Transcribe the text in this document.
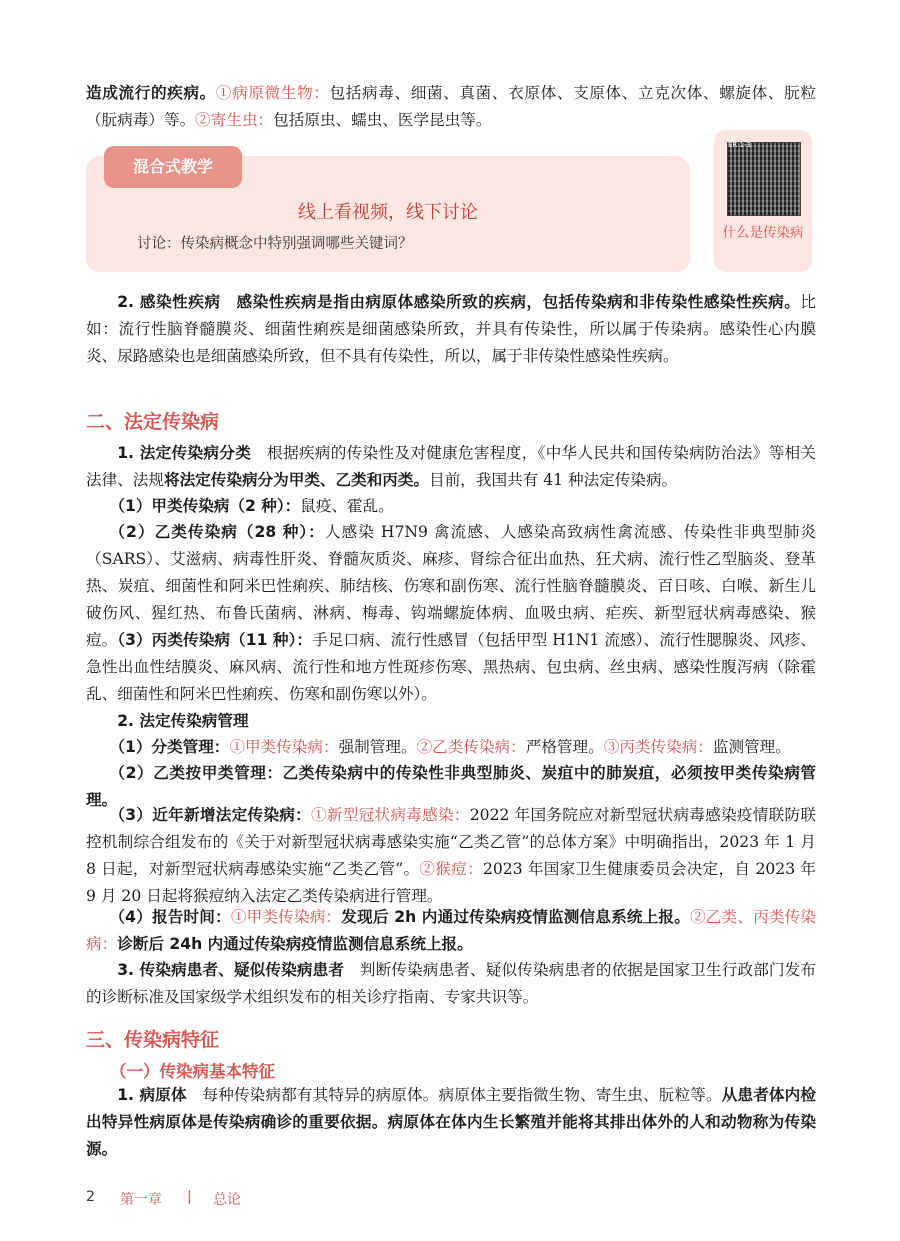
造成流行的疾病。①病原微生物：包括病毒、细菌、真菌、衣原体、支原体、立克次体、螺旋体、朊粒（朊病毒）等。②寄生虫：包括原虫、蠕虫、医学昆虫等。

混合式教学
线上看视频，线下讨论
讨论：传染病概念中特别强调哪些关键词？
ER 1-3
什么是传染病

2. 感染性疾病　感染性疾病是指由病原体感染所致的疾病，包括传染病和非传染性感染性疾病。比如：流行性脑脊髓膜炎、细菌性痢疾是细菌感染所致，并具有传染性，所以属于传染病。感染性心内膜炎、尿路感染也是细菌感染所致，但不具有传染性，所以，属于非传染性感染性疾病。

二、法定传染病

1. 法定传染病分类　根据疾病的传染性及对健康危害程度，《中华人民共和国传染病防治法》等相关法律、法规将法定传染病分为甲类、乙类和丙类。目前，我国共有 41 种法定传染病。

（1）甲类传染病（2 种）：鼠疫、霍乱。

（2）乙类传染病（28 种）：人感染 H7N9 禽流感、人感染高致病性禽流感、传染性非典型肺炎（SARS）、艾滋病、病毒性肝炎、脊髓灰质炎、麻疹、肾综合征出血热、狂犬病、流行性乙型脑炎、登革热、炭疽、细菌性和阿米巴性痢疾、肺结核、伤寒和副伤寒、流行性脑脊髓膜炎、百日咳、白喉、新生儿破伤风、猩红热、布鲁氏菌病、淋病、梅毒、钩端螺旋体病、血吸虫病、疟疾、新型冠状病毒感染、猴痘。

（3）丙类传染病（11 种）：手足口病、流行性感冒（包括甲型 H1N1 流感）、流行性腮腺炎、风疹、急性出血性结膜炎、麻风病、流行性和地方性斑疹伤寒、黑热病、包虫病、丝虫病、感染性腹泻病（除霍乱、细菌性和阿米巴性痢疾、伤寒和副伤寒以外）。

2. 法定传染病管理

（1）分类管理：①甲类传染病：强制管理。②乙类传染病：严格管理。③丙类传染病：监测管理。

（2）乙类按甲类管理：乙类传染病中的传染性非典型肺炎、炭疽中的肺炭疽，必须按甲类传染病管理。

（3）近年新增法定传染病：①新型冠状病毒感染：2022 年国务院应对新型冠状病毒感染疫情联防联控机制综合组发布的《关于对新型冠状病毒感染实施“乙类乙管”的总体方案》中明确指出，2023 年 1 月 8 日起，对新型冠状病毒感染实施“乙类乙管”。②猴痘：2023 年国家卫生健康委员会决定，自 2023 年 9 月 20 日起将猴痘纳入法定乙类传染病进行管理。

（4）报告时间：①甲类传染病：发现后 2h 内通过传染病疫情监测信息系统上报。②乙类、丙类传染病：诊断后 24h 内通过传染病疫情监测信息系统上报。

3. 传染病患者、疑似传染病患者　判断传染病患者、疑似传染病患者的依据是国家卫生行政部门发布的诊断标准及国家级学术组织发布的相关诊疗指南、专家共识等。

三、传染病特征
（一）传染病基本特征

1. 病原体　每种传染病都有其特异的病原体。病原体主要指微生物、寄生虫、朊粒等。从患者体内检出特异性病原体是传染病确诊的重要依据。病原体在体内生长繁殖并能将其排出体外的人和动物称为传染源。

2 第一章 | 总论
